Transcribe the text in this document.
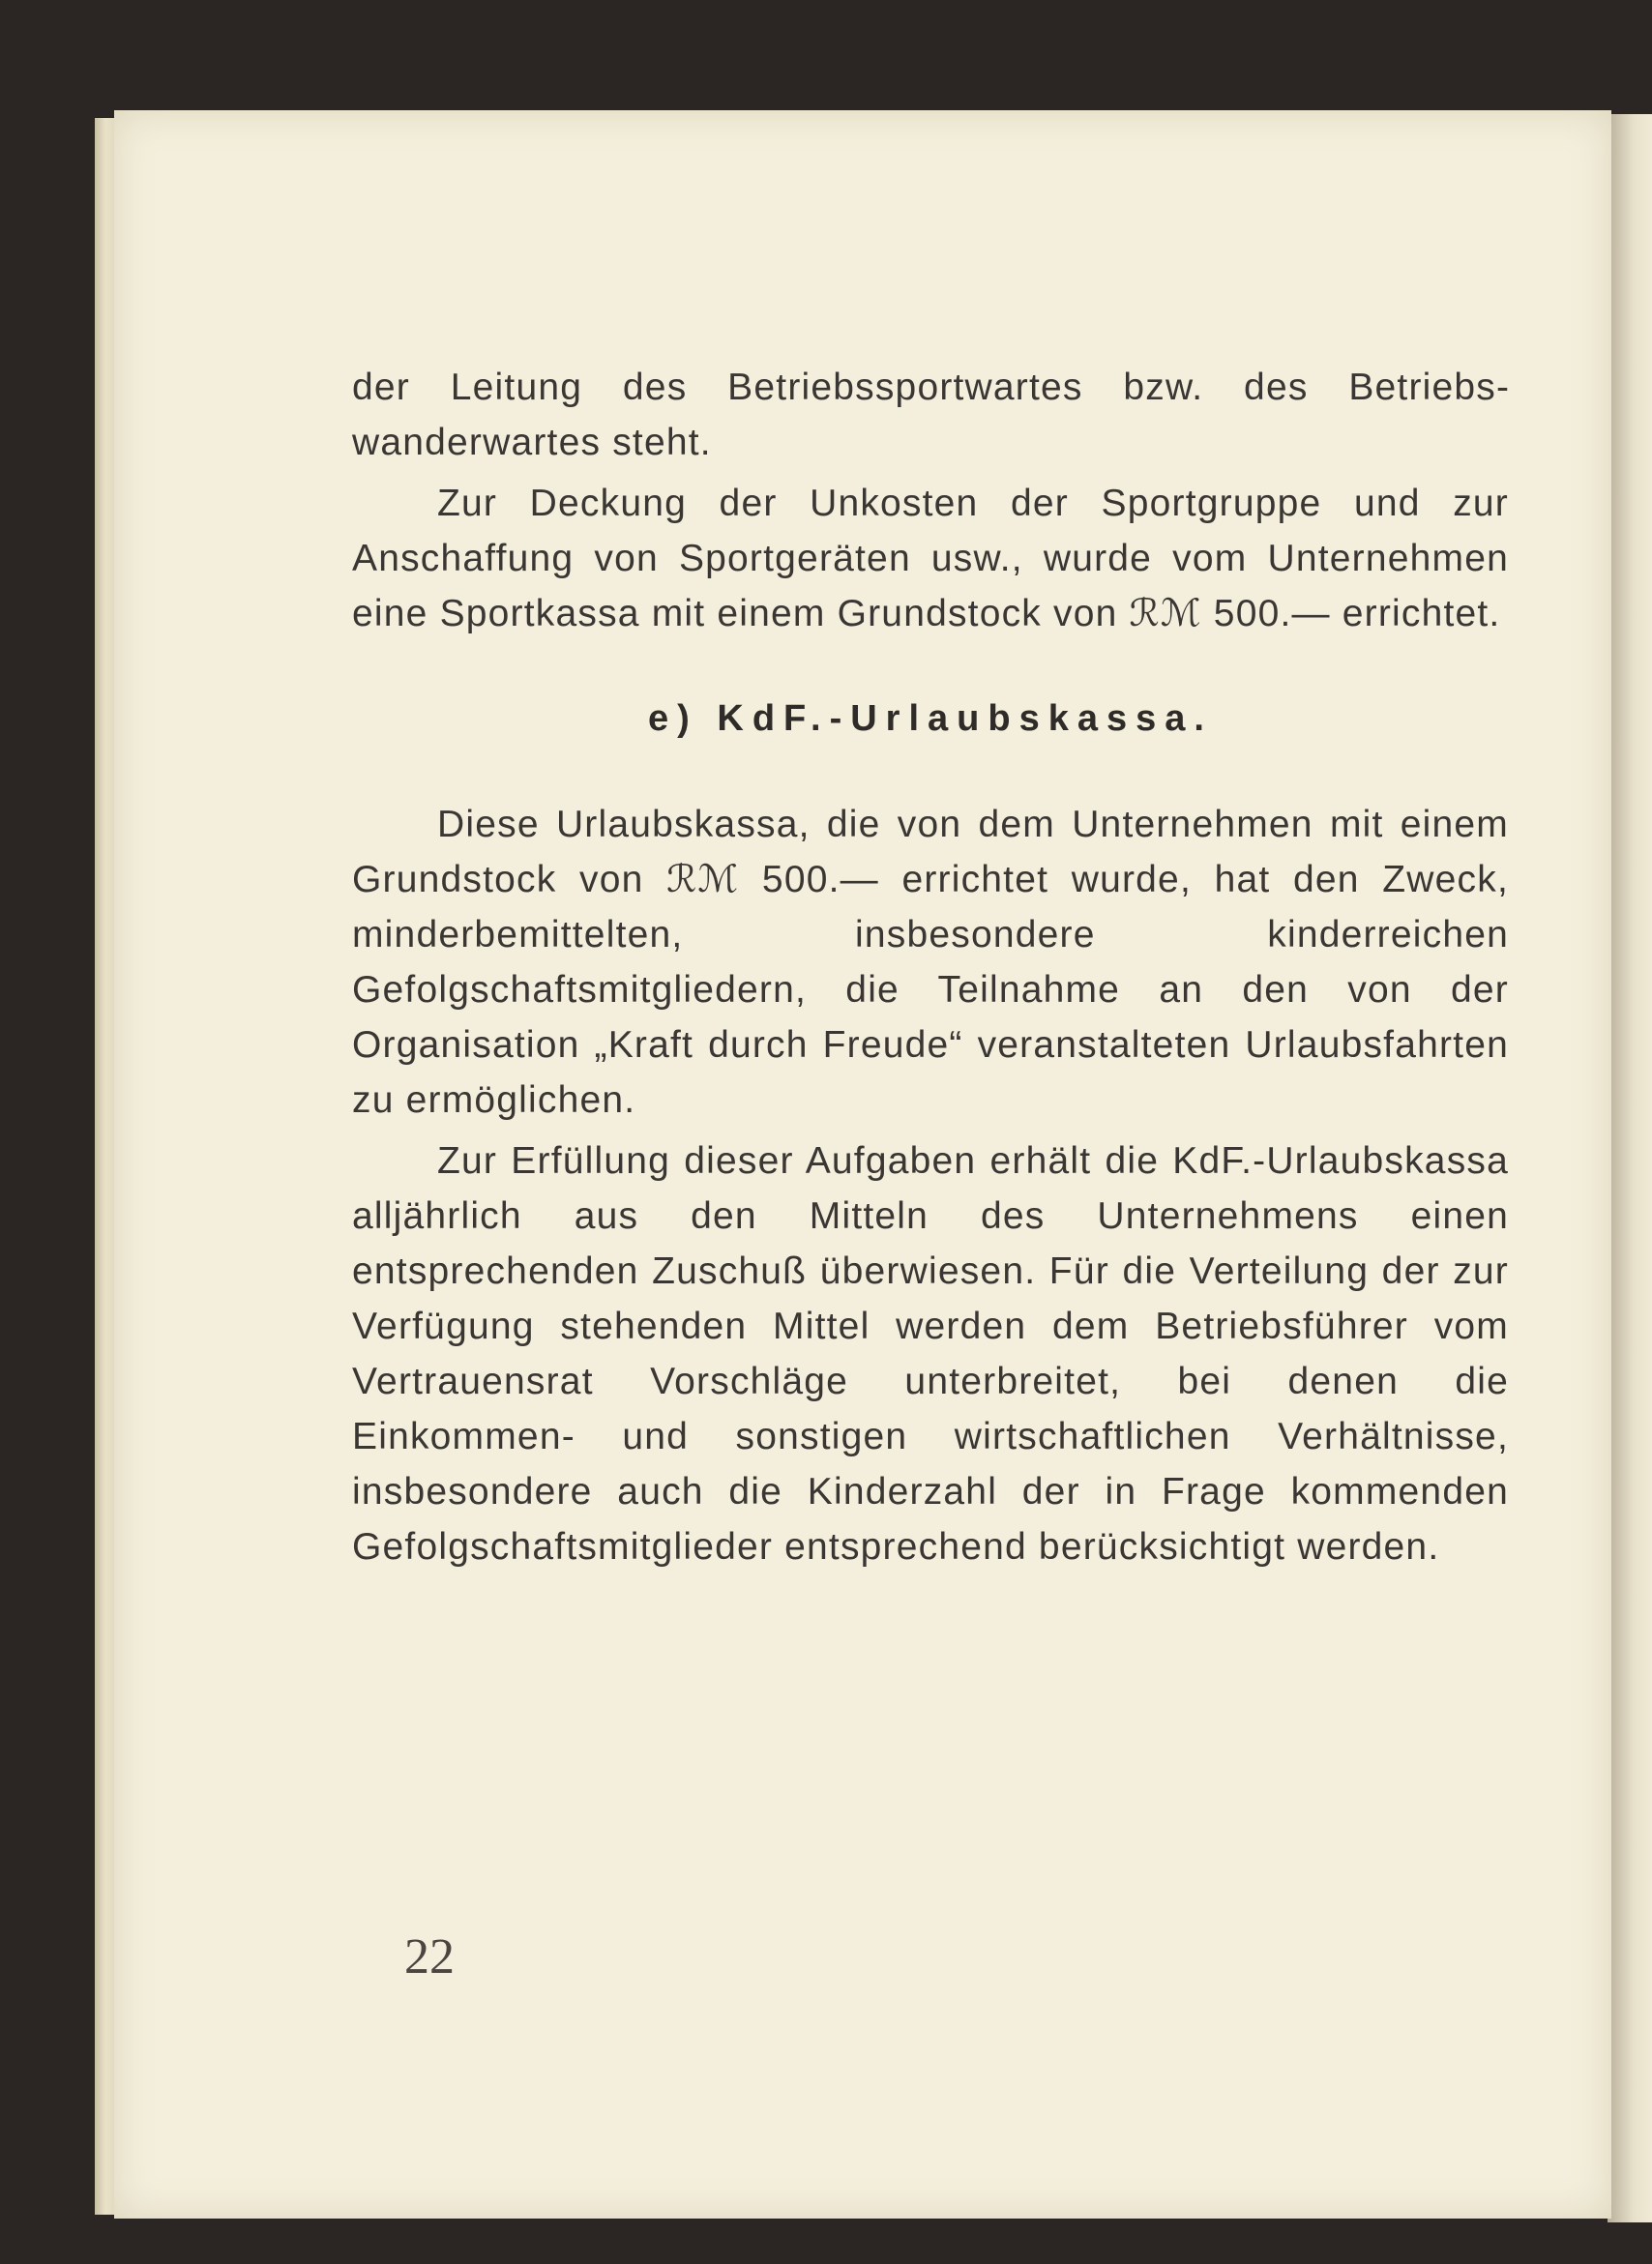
der Leitung des Betriebssportwartes bzw. des Betriebswanderwartes steht.

Zur Deckung der Unkosten der Sportgruppe und zur Anschaffung von Sportgeräten usw., wurde vom Unternehmen eine Sportkassa mit einem Grundstock von ℛℳ 500.— errichtet.

e) KdF.-Urlaubskassa.

Diese Urlaubskassa, die von dem Unternehmen mit einem Grundstock von ℛℳ 500.— errichtet wurde, hat den Zweck, minderbemittelten, insbesondere kinderreichen Gefolgschaftsmitgliedern, die Teilnahme an den von der Organisation „Kraft durch Freude“ veranstalteten Urlaubsfahrten zu ermöglichen.

Zur Erfüllung dieser Aufgaben erhält die KdF.-Urlaubskassa alljährlich aus den Mitteln des Unternehmens einen entsprechenden Zuschuß überwiesen. Für die Verteilung der zur Verfügung stehenden Mittel werden dem Betriebsführer vom Vertrauensrat Vorschläge unterbreitet, bei denen die Einkommen- und sonstigen wirtschaftlichen Verhältnisse, insbesondere auch die Kinderzahl der in Frage kommenden Gefolgschaftsmitglieder entsprechend berücksichtigt werden.

22
